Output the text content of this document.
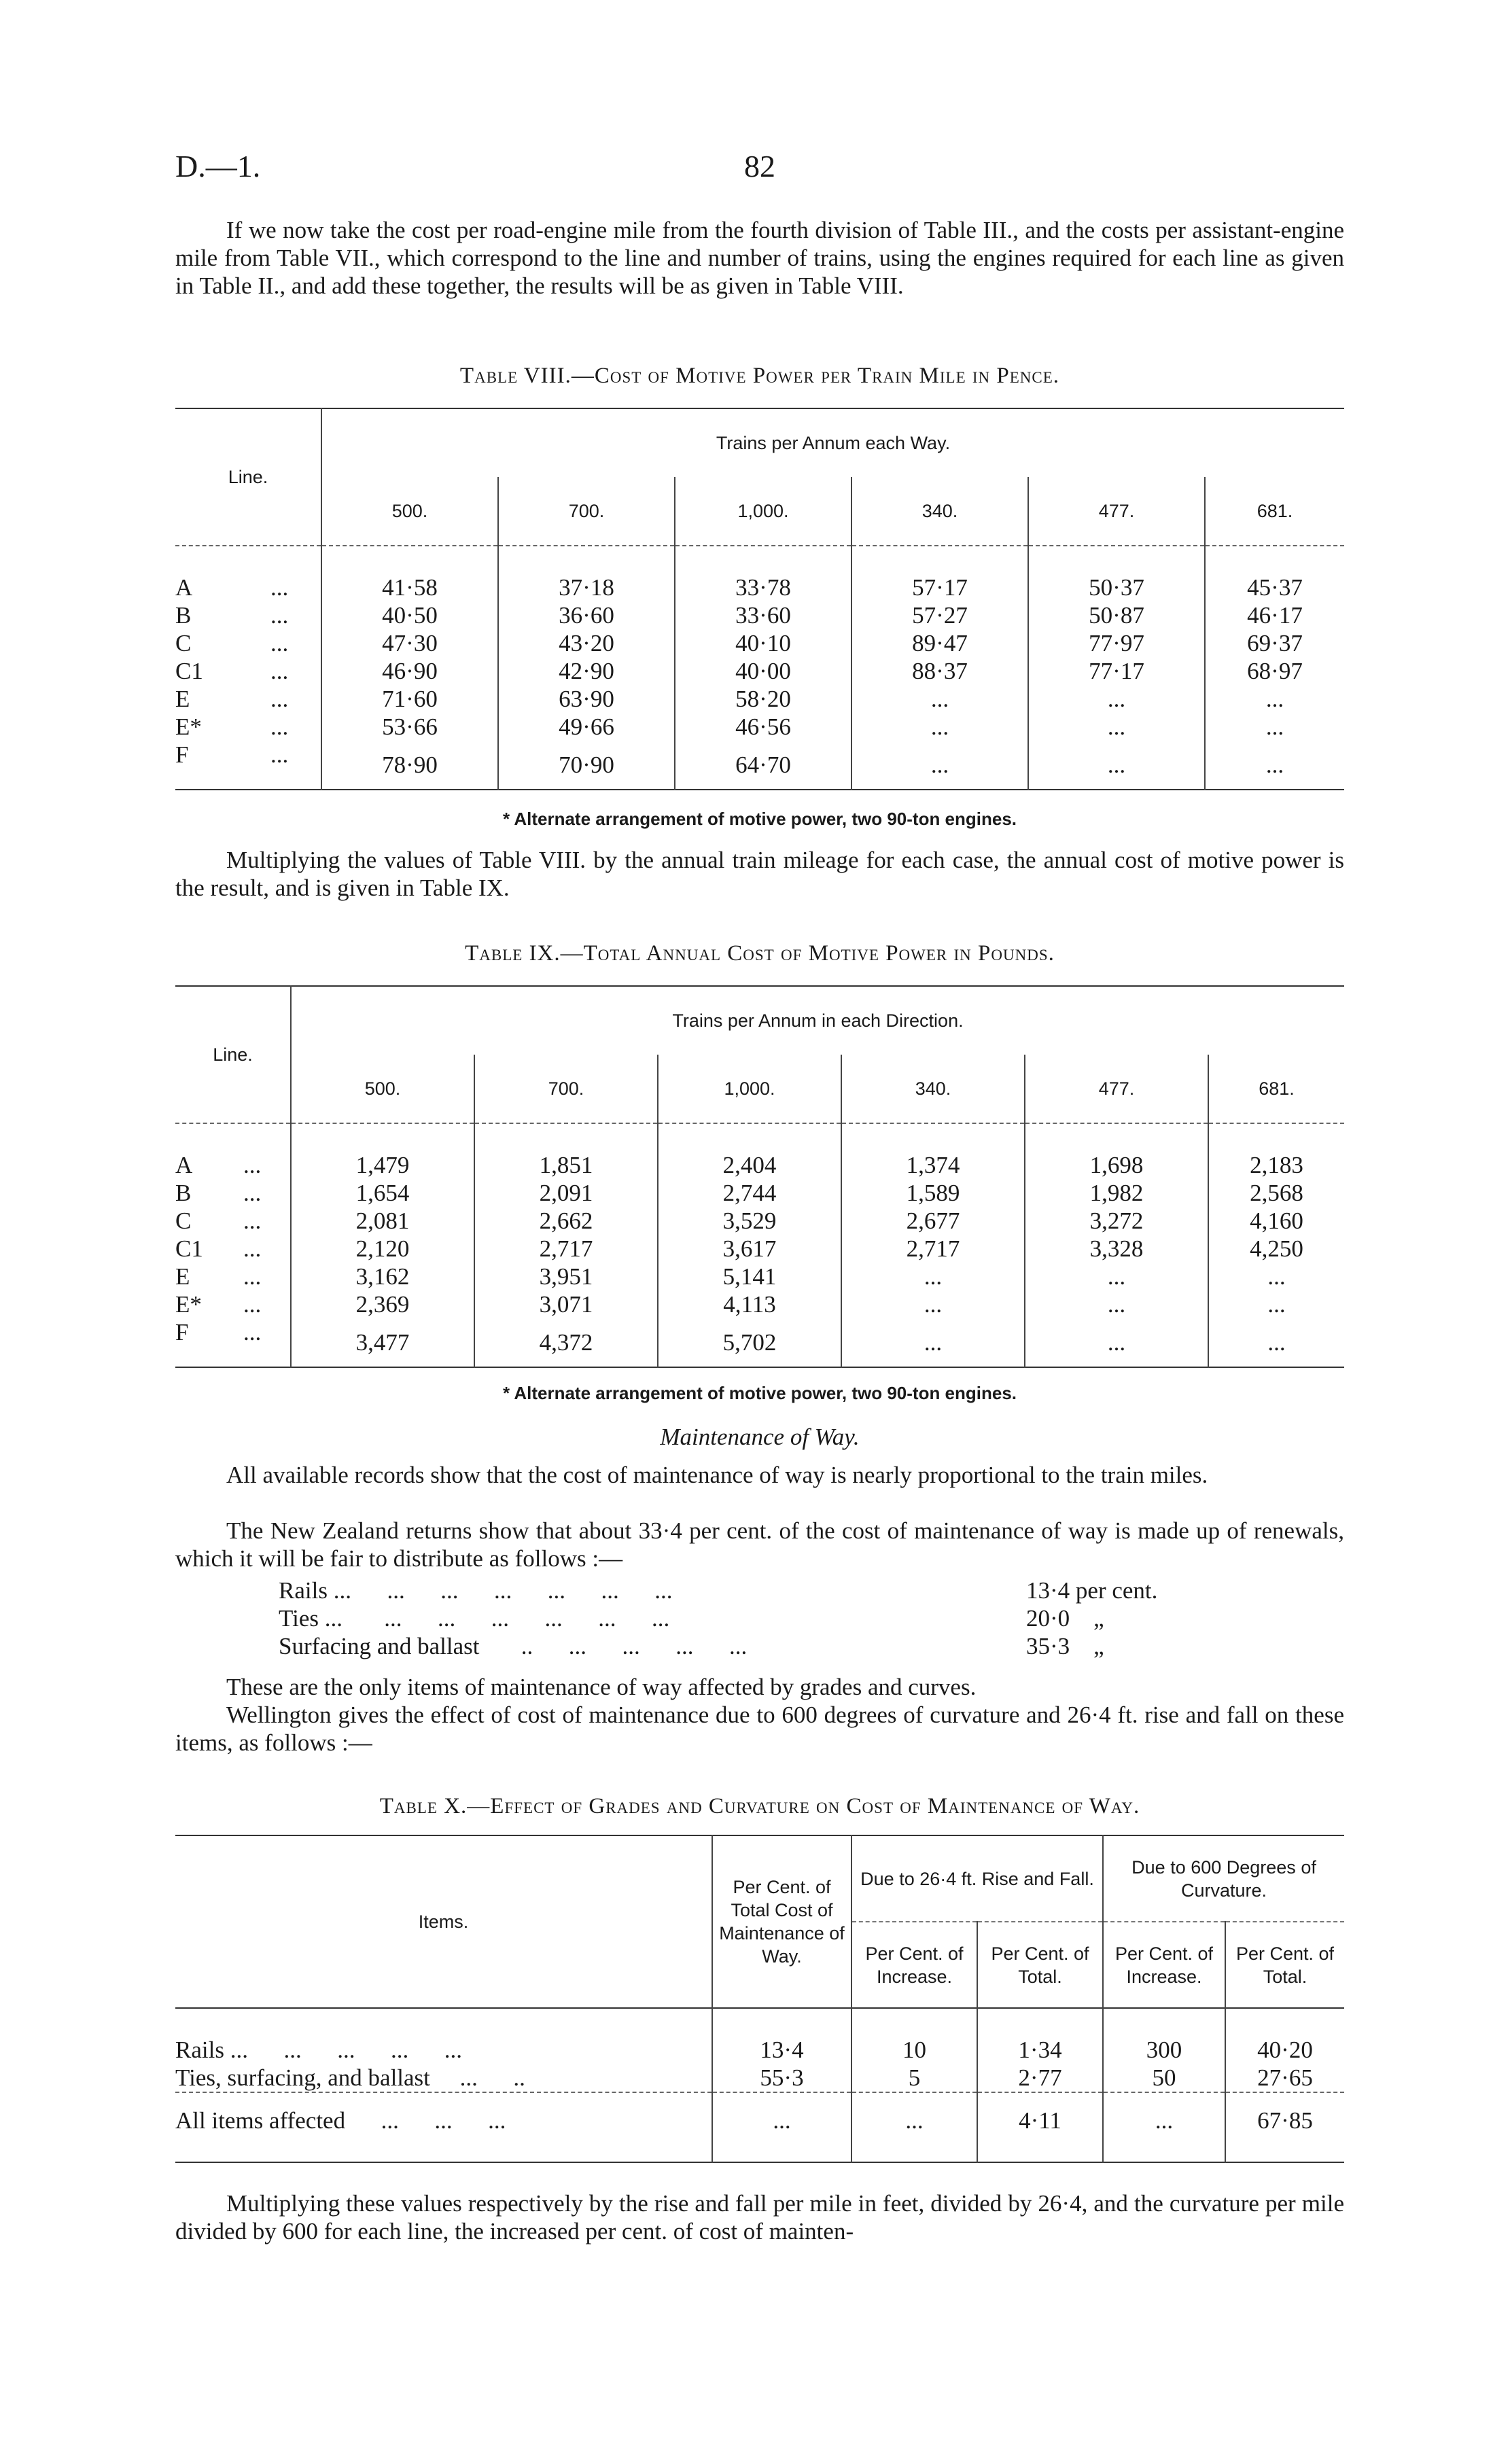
D.—1.	82
If we now take the cost per road-engine mile from the fourth division of Table III., and the costs per assistant-engine mile from Table VII., which correspond to the line and number of trains, using the engines required for each line as given in Table II., and add these together, the results will be as given in Table VIII.
Table VIII.—Cost of Motive Power per Train Mile in Pence.
Line.	Trains per Annum each Way.					
	500.	700.	1,000.	340.	477.	681.
A ...	41·58	37·18	33·78	57·17	50·37	45·37
B ...	40·50	36·60	33·60	57·27	50·87	46·17
C ...	47·30	43·20	40·10	89·47	77·97	69·37
C1 ...	46·90	42·90	40·00	88·37	77·17	68·97
E ...	71·60	63·90	58·20	...	...	...
E* ...	53·66	49·66	46·56	...	...	...
F ...	78·90	70·90	64·70	...	...	...
* Alternate arrangement of motive power, two 90-ton engines.
Multiplying the values of Table VIII. by the annual train mileage for each case, the annual cost of motive power is the result, and is given in Table IX.
Table IX.—Total Annual Cost of Motive Power in Pounds.
Line.	Trains per Annum in each Direction.					
	500.	700.	1,000.	340.	477.	681.
A ...	1,479	1,851	2,404	1,374	1,698	2,183
B ...	1,654	2,091	2,744	1,589	1,982	2,568
C ...	2,081	2,662	3,529	2,677	3,272	4,160
C1 ...	2,120	2,717	3,617	2,717	3,328	4,250
E ...	3,162	3,951	5,141	...	...	...
E* ...	2,369	3,071	4,113	...	...	...
F ...	3,477	4,372	5,702	...	...	...
* Alternate arrangement of motive power, two 90-ton engines.
Maintenance of Way.
All available records show that the cost of maintenance of way is nearly proportional to the train miles.
The New Zealand returns show that about 33·4 per cent. of the cost of maintenance of way is made up of renewals, which it will be fair to distribute as follows :—
Rails ...      ...      ...      ...      ...      ...      ...	13·4 per cent.
Ties ...       ...      ...      ...      ...      ...      ...	20·0    „
Surfacing and ballast       ..      ...      ...      ...      ...	35·3    „
These are the only items of maintenance of way affected by grades and curves.
Wellington gives the effect of cost of maintenance due to 600 degrees of curvature and 26·4 ft. rise and fall on these items, as follows :—
Table X.—Effect of Grades and Curvature on Cost of Maintenance of Way.
Items.	Per Cent. of Total Cost of Maintenance of Way.	Due to 26·4 ft. Rise and Fall.		Due to 600 Degrees of Curvature.	
		Per Cent. of Increase.	Per Cent. of Total.	Per Cent. of Increase.	Per Cent. of Total.
Rails ...      ...      ...      ...      ...	13·4	10	1·34	300	40·20
Ties, surfacing, and ballast     ...      ..	55·3	5	2·77	50	27·65
All items affected      ...      ...      ...	...	...	4·11	...	67·85
Multiplying these values respectively by the rise and fall per mile in feet, divided by 26·4, and the curvature per mile divided by 600 for each line, the increased per cent. of cost of mainten-
